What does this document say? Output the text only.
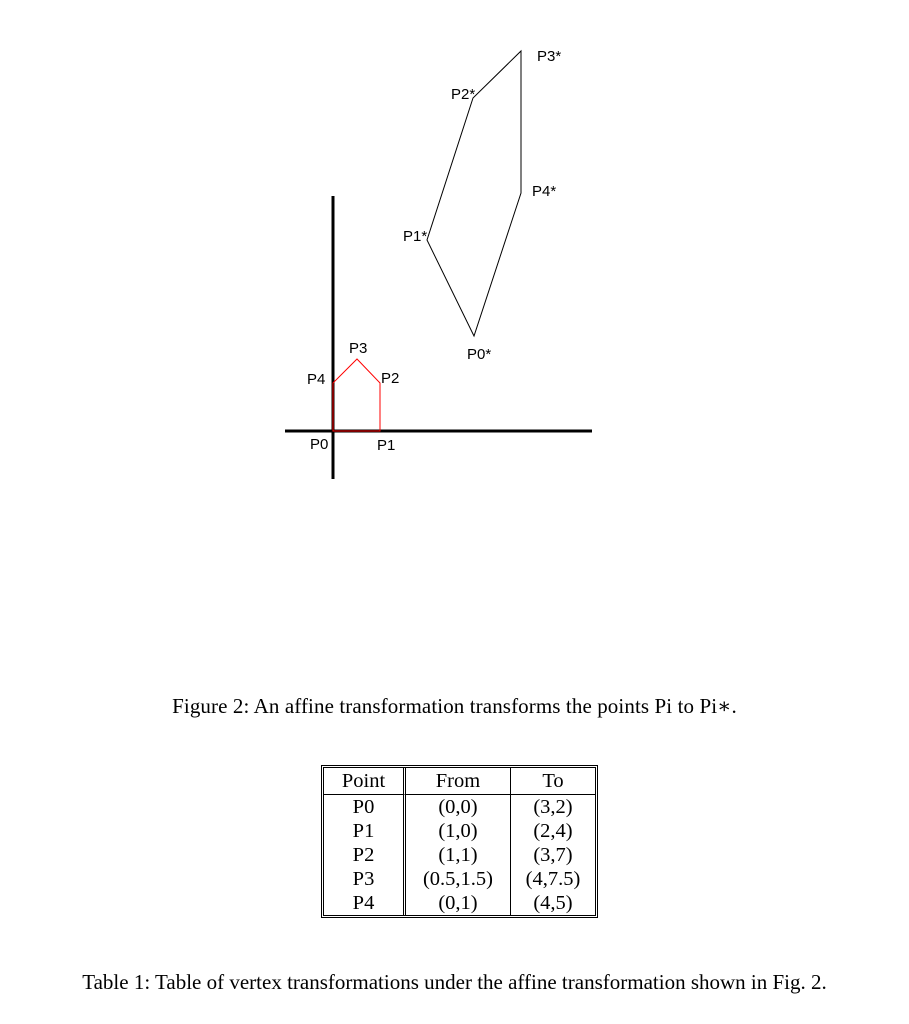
P0	P1
P2
P3
P4
P0*
P1*
P2*
P3*
P4*
Figure 2: An affine transformation transforms the points Pi to Pi∗.
Point	From	To
P0	(0,0)	(3,2)
P1	(1,0)	(2,4)
P2	(1,1)	(3,7)
P3	(0.5,1.5)	(4,7.5)
P4	(0,1)	(4,5)
Table 1: Table of vertex transformations under the affine transformation shown in Fig. 2.
